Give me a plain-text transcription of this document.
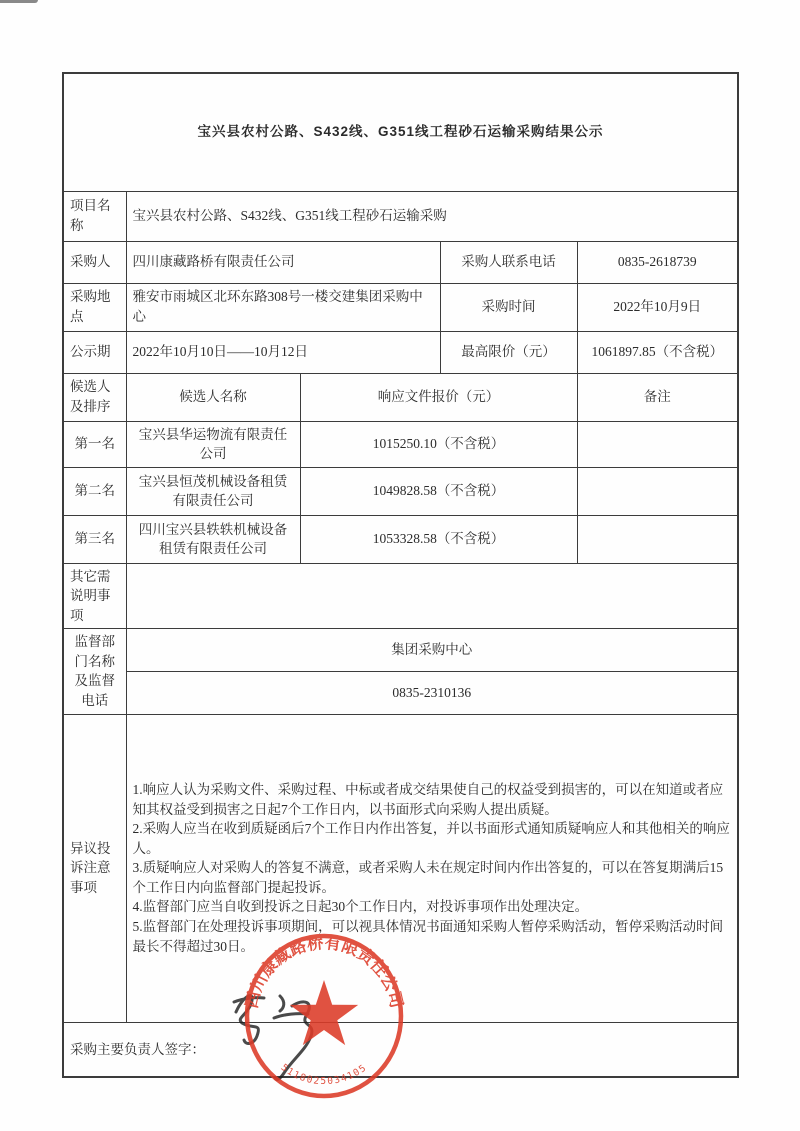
宝兴县农村公路、S432线、G351线工程砂石运输采购结果公示				
项目名称	宝兴县农村公路、S432线、G351线工程砂石运输采购			
采购人	四川康藏路桥有限责任公司		采购人联系电话	0835-2618739
采购地点	雅安市雨城区北环东路308号一楼交建集团采购中心		采购时间	2022年10月9日
公示期	2022年10月10日——10月12日		最高限价（元）	1061897.85（不含税）
候选人及排序	候选人名称	响应文件报价（元）		备注
第一名	宝兴县华运物流有限责任公司	1015250.10（不含税）		
第二名	宝兴县恒茂机械设备租赁有限责任公司	1049828.58（不含税）		
第三名	四川宝兴县轶轶机械设备租赁有限责任公司	1053328.58（不含税）		
其它需说明事项				
监督部门名称及监督电话	集团采购中心			
	0835-2310136			
异议投诉注意事项	1.响应人认为采购文件、采购过程、中标或者成交结果使自己的权益受到损害的，可以在知道或者应知其权益受到损害之日起7个工作日内，以书面形式向采购人提出质疑。

2.采购人应当在收到质疑函后7个工作日内作出答复，并以书面形式通知质疑响应人和其他相关的响应人。

3.质疑响应人对采购人的答复不满意，或者采购人未在规定时间内作出答复的，可以在答复期满后15个工作日内向监督部门提起投诉。

4.监督部门应当自收到投诉之日起30个工作日内，对投诉事项作出处理决定。

5.监督部门在处理投诉事项期间，可以视具体情况书面通知采购人暂停采购活动，暂停采购活动时间最长不得超过30日。			

采购主要负责人签字：				
四川康藏路桥有限责任公司
5118025034105
